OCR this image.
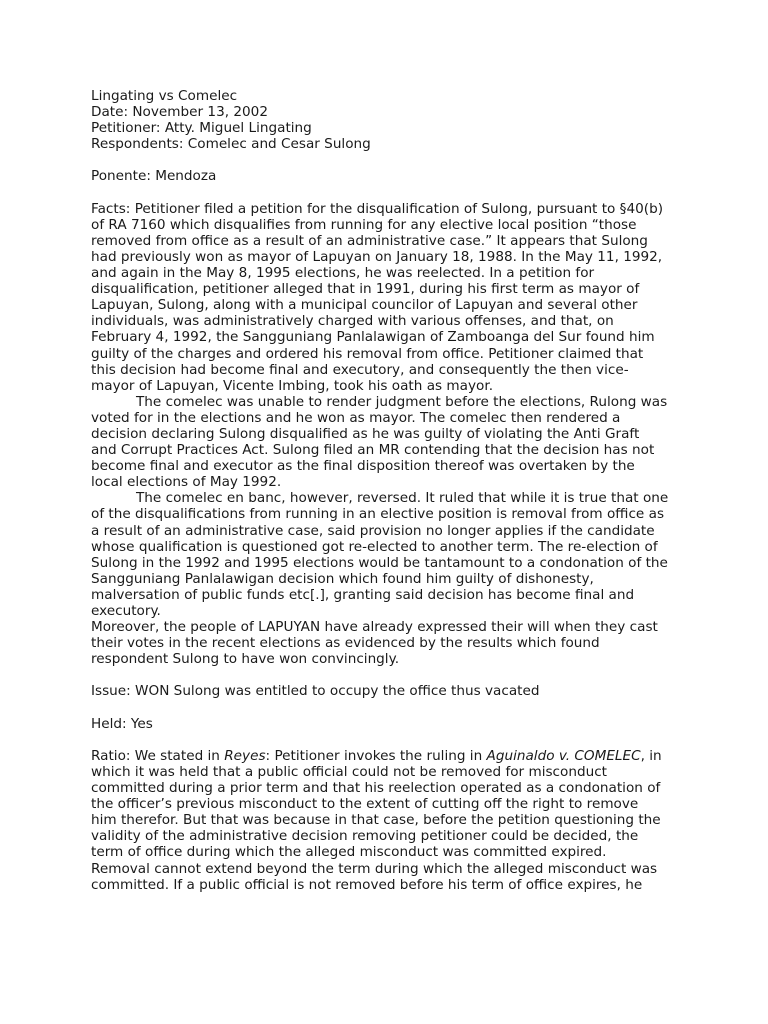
Lingating vs Comelec
Date: November 13, 2002
Petitioner: Atty. Miguel Lingating
Respondents: Comelec and Cesar Sulong
Ponente: Mendoza
Facts: Petitioner filed a petition for the disqualification of Sulong, pursuant to §40(b)
of RA 7160 which disqualifies from running for any elective local position “those
removed from office as a result of an administrative case.” It appears that Sulong
had previously won as mayor of Lapuyan on January 18, 1988. In the May 11, 1992,
and again in the May 8, 1995 elections, he was reelected. In a petition for
disqualification, petitioner alleged that in 1991, during his first term as mayor of
Lapuyan, Sulong, along with a municipal councilor of Lapuyan and several other
individuals, was administratively charged with various offenses, and that, on
February 4, 1992, the Sangguniang Panlalawigan of Zamboanga del Sur found him
guilty of the charges and ordered his removal from office. Petitioner claimed that
this decision had become final and executory, and consequently the then vice-
mayor of Lapuyan, Vicente Imbing, took his oath as mayor.
The comelec was unable to render judgment before the elections, Rulong was
voted for in the elections and he won as mayor. The comelec then rendered a
decision declaring Sulong disqualified as he was guilty of violating the Anti Graft
and Corrupt Practices Act. Sulong filed an MR contending that the decision has not
become final and executor as the final disposition thereof was overtaken by the
local elections of May 1992.
The comelec en banc, however, reversed. It ruled that while it is true that one
of the disqualifications from running in an elective position is removal from office as
a result of an administrative case, said provision no longer applies if the candidate
whose qualification is questioned got re-elected to another term. The re-election of
Sulong in the 1992 and 1995 elections would be tantamount to a condonation of the
Sangguniang Panlalawigan decision which found him guilty of dishonesty,
malversation of public funds etc[.], granting said decision has become final and
executory.
Moreover, the people of LAPUYAN have already expressed their will when they cast
their votes in the recent elections as evidenced by the results which found
respondent Sulong to have won convincingly.
Issue: WON Sulong was entitled to occupy the office thus vacated
Held: Yes
Ratio: We stated in Reyes: Petitioner invokes the ruling in Aguinaldo v. COMELEC, in
which it was held that a public official could not be removed for misconduct
committed during a prior term and that his reelection operated as a condonation of
the officer’s previous misconduct to the extent of cutting off the right to remove
him therefor. But that was because in that case, before the petition questioning the
validity of the administrative decision removing petitioner could be decided, the
term of office during which the alleged misconduct was committed expired.
Removal cannot extend beyond the term during which the alleged misconduct was
committed. If a public official is not removed before his term of office expires, he
